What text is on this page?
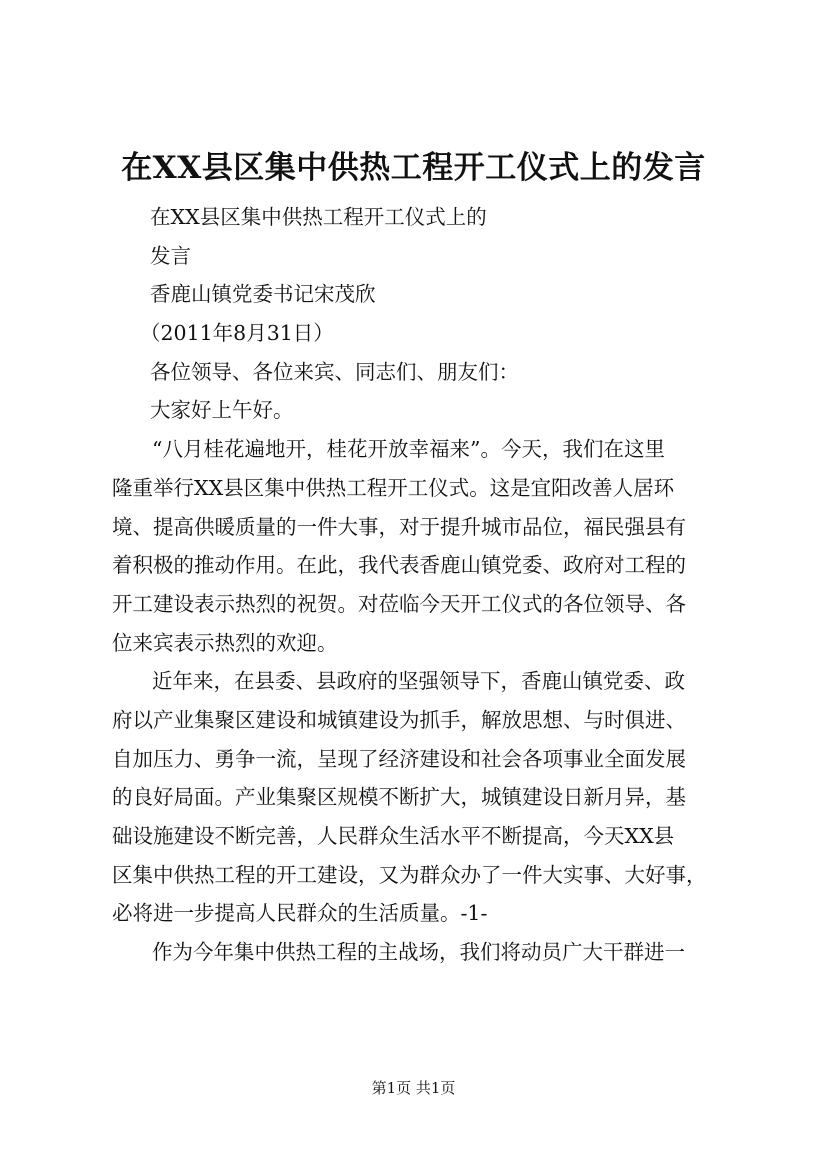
在XX县区集中供热工程开工仪式上的发言
在XX县区集中供热工程开工仪式上的
发言
香鹿山镇党委书记宋茂欣
（2011年8月31日）
各位领导、各位来宾、同志们、朋友们：
大家好上午好。
“八月桂花遍地开，桂花开放幸福来”。今天，我们在这里
隆重举行XX县区集中供热工程开工仪式。这是宜阳改善人居环
境、提高供暖质量的一件大事，对于提升城市品位，福民强县有
着积极的推动作用。在此，我代表香鹿山镇党委、政府对工程的
开工建设表示热烈的祝贺。对莅临今天开工仪式的各位领导、各
位来宾表示热烈的欢迎。
近年来，在县委、县政府的坚强领导下，香鹿山镇党委、政
府以产业集聚区建设和城镇建设为抓手，解放思想、与时俱进、
自加压力、勇争一流，呈现了经济建设和社会各项事业全面发展
的良好局面。产业集聚区规模不断扩大，城镇建设日新月异，基
础设施建设不断完善，人民群众生活水平不断提高，今天XX县
区集中供热工程的开工建设，又为群众办了一件大实事、大好事，
必将进一步提高人民群众的生活质量。-1-
作为今年集中供热工程的主战场，我们将动员广大干群进一
第1页 共1页
